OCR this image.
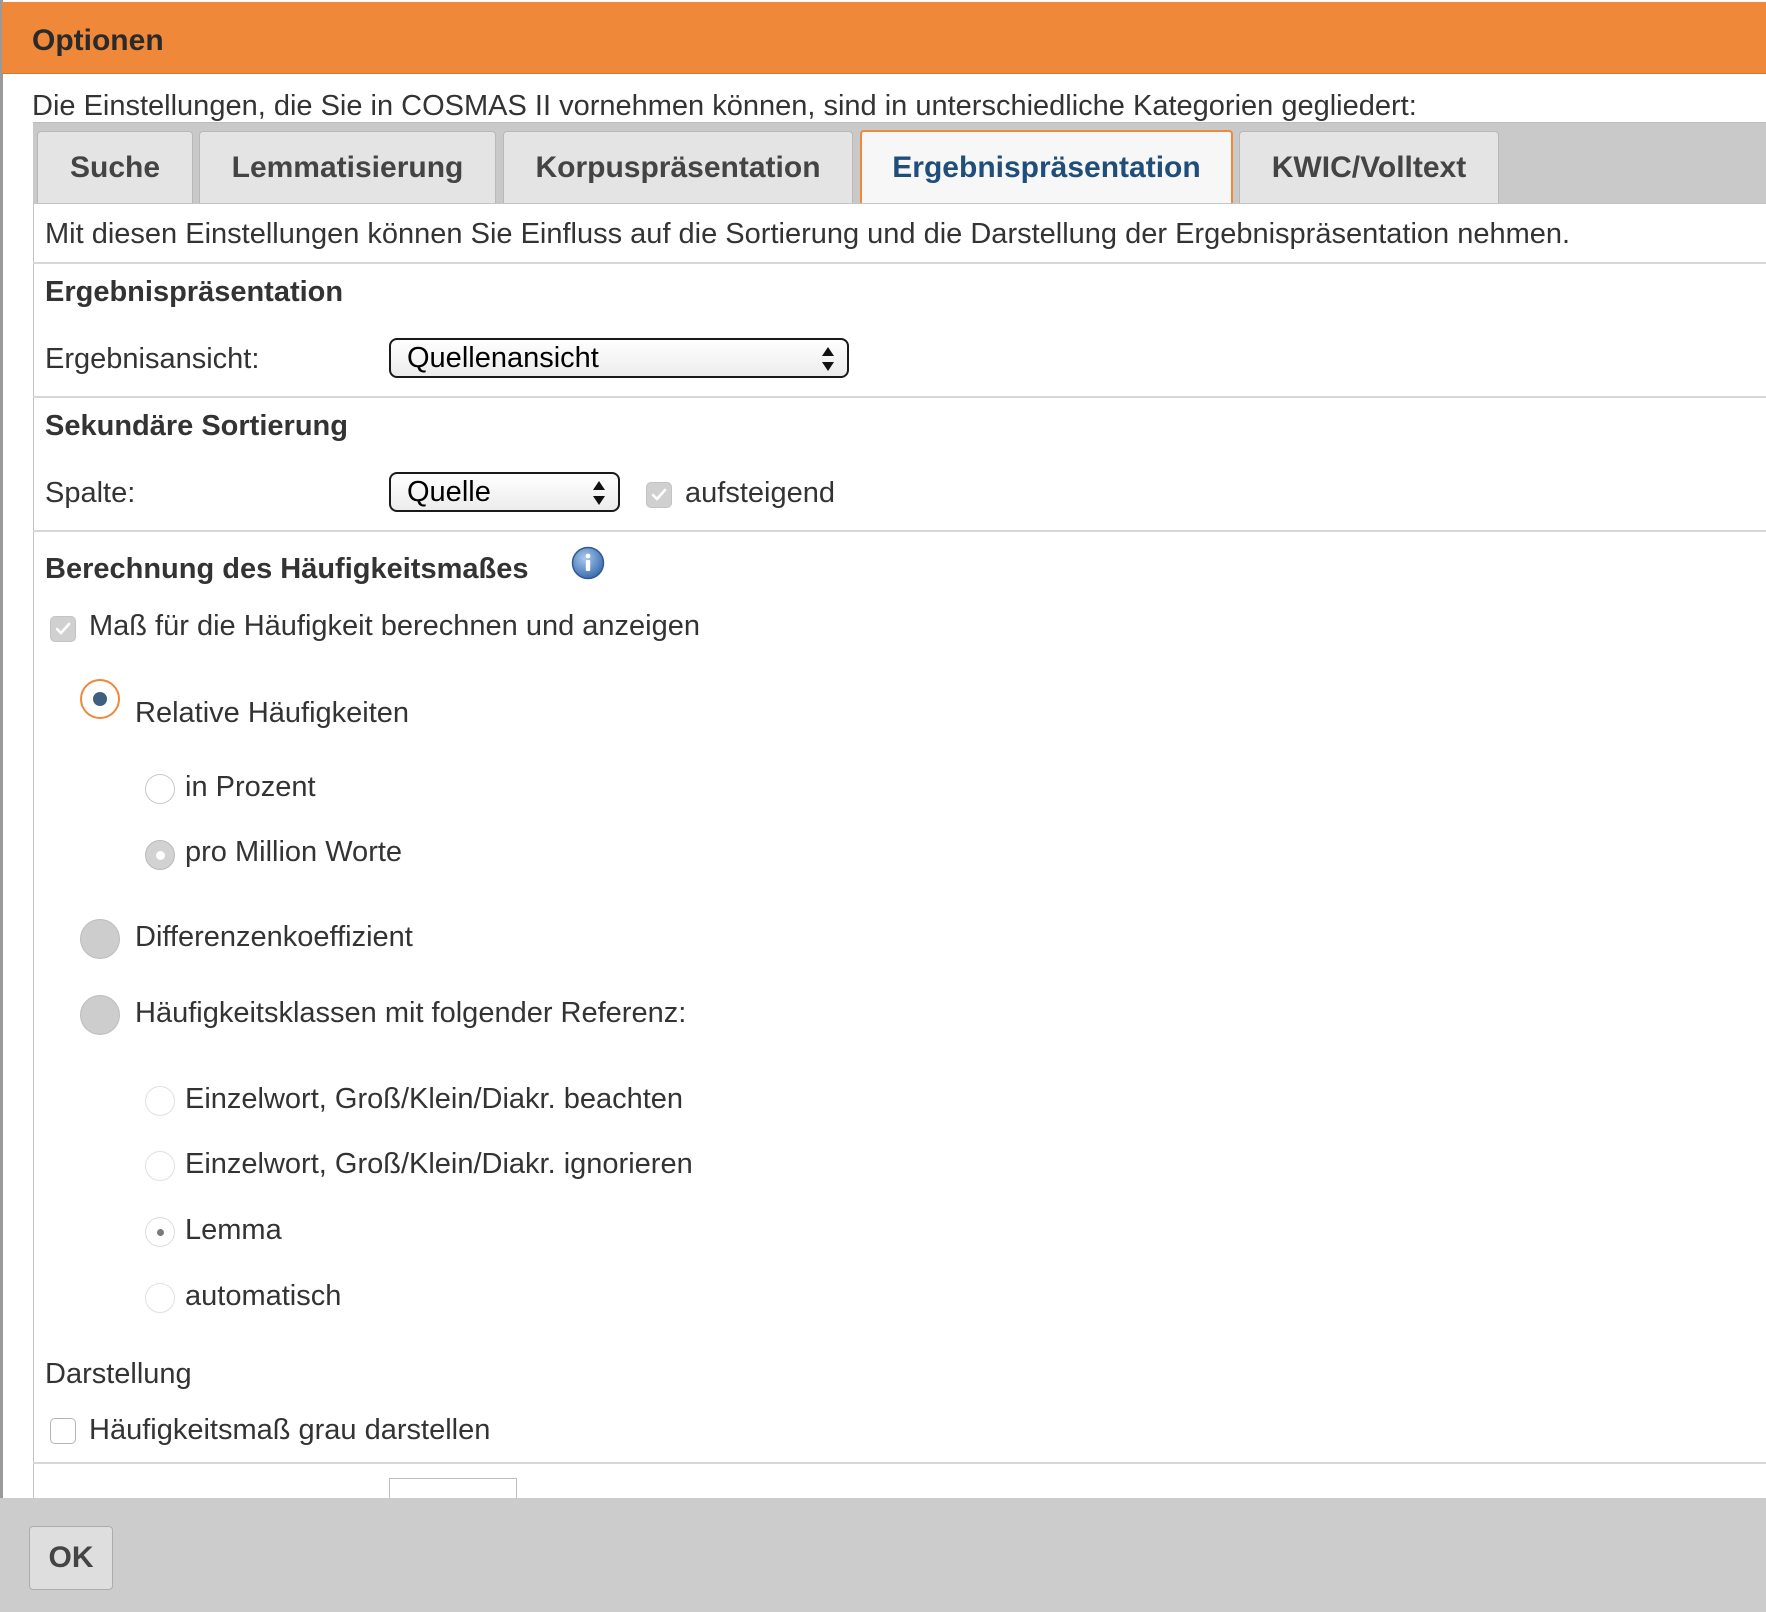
Optionen
Die Einstellungen, die Sie in COSMAS II vornehmen können, sind in unterschiedliche Kategorien gegliedert:
Suche	Lemmatisierung	Korpuspräsentation	Ergebnispräsentation	KWIC/Volltext
Mit diesen Einstellungen können Sie Einfluss auf die Sortierung und die Darstellung der Ergebnispräsentation nehmen.
Ergebnispräsentation
Ergebnisansicht:	Quellenansicht
Sekundäre Sortierung
Spalte:	Quelle	aufsteigend
Berechnung des Häufigkeitsmaßes
Maß für die Häufigkeit berechnen und anzeigen
Relative Häufigkeiten
in Prozent
pro Million Worte
Differenzenkoeffizient
Häufigkeitsklassen mit folgender Referenz:
Einzelwort, Groß/Klein/Diakr. beachten
Einzelwort, Groß/Klein/Diakr. ignorieren
Lemma
automatisch
Darstellung
Häufigkeitsmaß grau darstellen
OK
